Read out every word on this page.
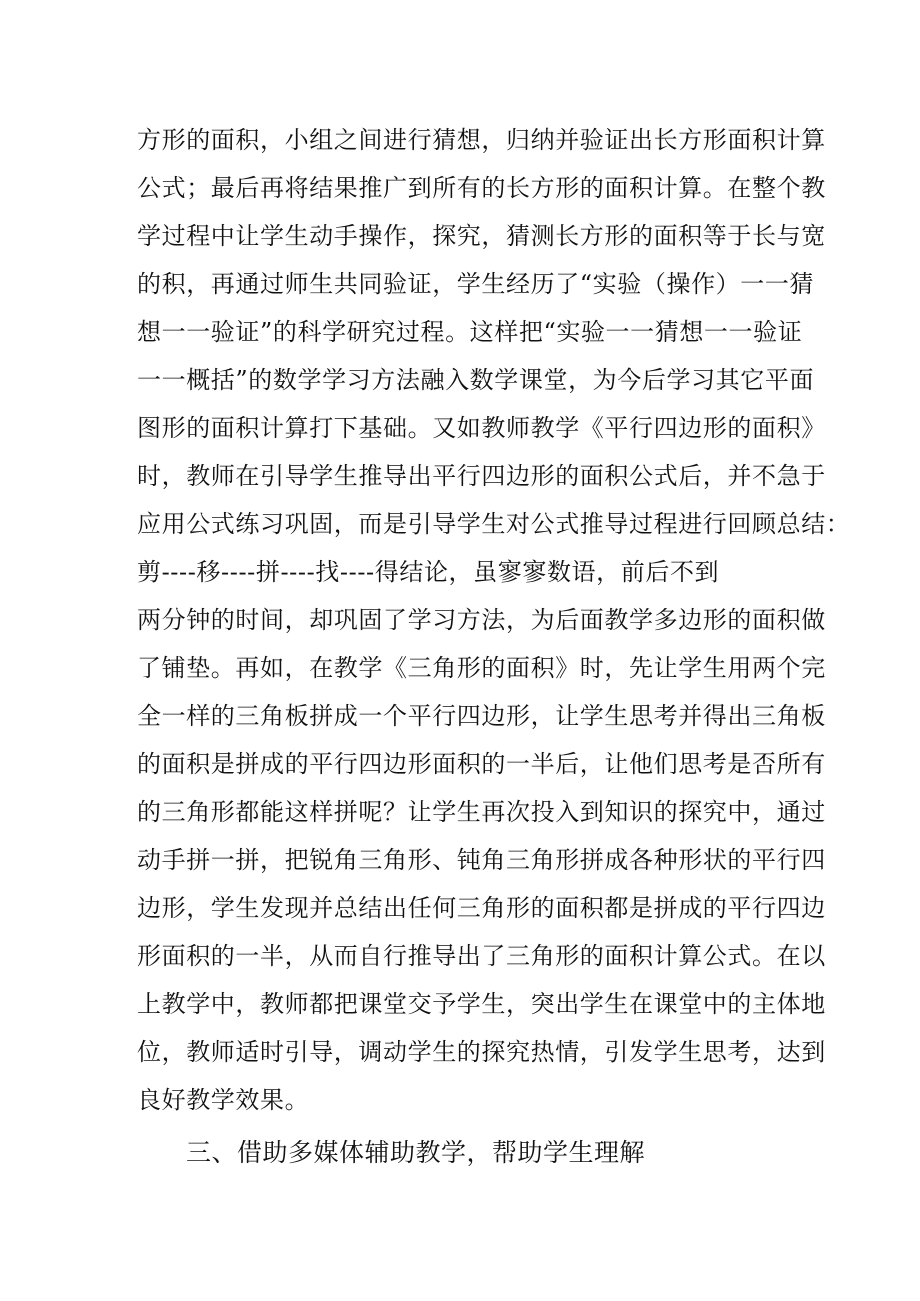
方形的面积，小组之间进行猜想，归纳并验证出长方形面积计算
公式；最后再将结果推广到所有的长方形的面积计算。在整个教
学过程中让学生动手操作，探究，猜测长方形的面积等于长与宽
的积，再通过师生共同验证，学生经历了“实验（操作）一一猜
想一一验证”的科学研究过程。这样把“实验一一猜想一一验证
一一概括”的数学学习方法融入数学课堂，为今后学习其它平面
图形的面积计算打下基础。又如教师教学《平行四边形的面积》
时，教师在引导学生推导出平行四边形的面积公式后，并不急于
应用公式练习巩固，而是引导学生对公式推导过程进行回顾总结：
剪----移----拼----找----得结论，虽寥寥数语，前后不到
两分钟的时间，却巩固了学习方法，为后面教学多边形的面积做
了铺垫。再如，在教学《三角形的面积》时，先让学生用两个完
全一样的三角板拼成一个平行四边形，让学生思考并得出三角板
的面积是拼成的平行四边形面积的一半后，让他们思考是否所有
的三角形都能这样拼呢？让学生再次投入到知识的探究中，通过
动手拼一拼，把锐角三角形、钝角三角形拼成各种形状的平行四
边形，学生发现并总结出任何三角形的面积都是拼成的平行四边
形面积的一半，从而自行推导出了三角形的面积计算公式。在以
上教学中，教师都把课堂交予学生，突出学生在课堂中的主体地
位，教师适时引导，调动学生的探究热情，引发学生思考，达到
良好教学效果。
三、借助多媒体辅助教学，帮助学生理解
